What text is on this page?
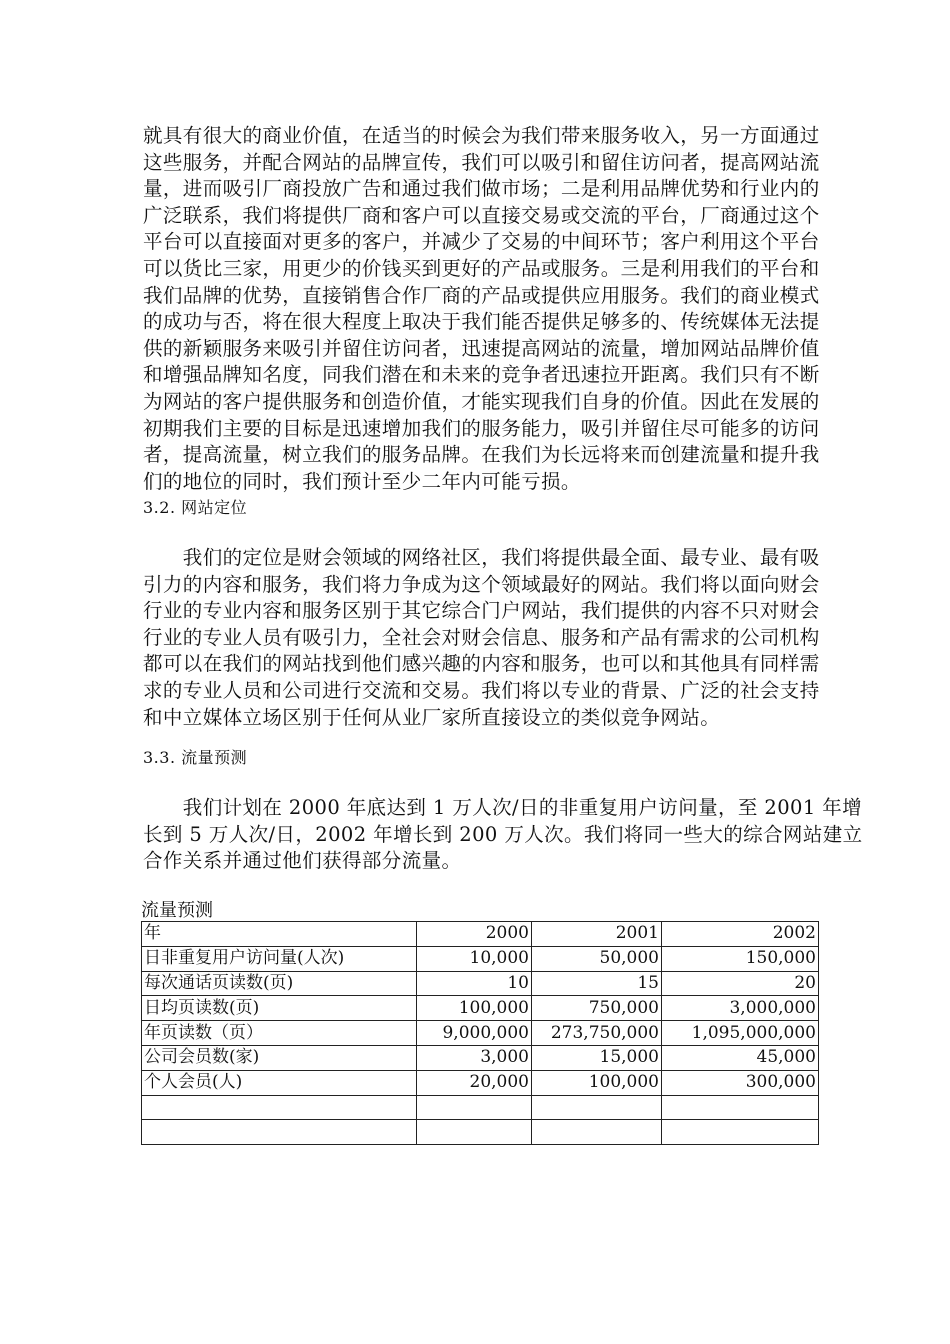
就具有很大的商业价值，在适当的时候会为我们带来服务收入，另一方面通过
这些服务，并配合网站的品牌宣传，我们可以吸引和留住访问者，提高网站流
量，进而吸引厂商投放广告和通过我们做市场；二是利用品牌优势和行业内的
广泛联系，我们将提供厂商和客户可以直接交易或交流的平台，厂商通过这个
平台可以直接面对更多的客户，并减少了交易的中间环节；客户利用这个平台
可以货比三家，用更少的价钱买到更好的产品或服务。三是利用我们的平台和
我们品牌的优势，直接销售合作厂商的产品或提供应用服务。我们的商业模式
的成功与否，将在很大程度上取决于我们能否提供足够多的、传统媒体无法提
供的新颖服务来吸引并留住访问者，迅速提高网站的流量，增加网站品牌价值
和增强品牌知名度，同我们潜在和未来的竞争者迅速拉开距离。我们只有不断
为网站的客户提供服务和创造价值，才能实现我们自身的价值。因此在发展的
初期我们主要的目标是迅速增加我们的服务能力，吸引并留住尽可能多的访问
者，提高流量，树立我们的服务品牌。在我们为长远将来而创建流量和提升我
们的地位的同时，我们预计至少二年内可能亏损。
3.2. 网站定位
　　我们的定位是财会领域的网络社区，我们将提供最全面、最专业、最有吸
引力的内容和服务，我们将力争成为这个领域最好的网站。我们将以面向财会
行业的专业内容和服务区别于其它综合门户网站，我们提供的内容不只对财会
行业的专业人员有吸引力，全社会对财会信息、服务和产品有需求的公司机构
都可以在我们的网站找到他们感兴趣的内容和服务，也可以和其他具有同样需
求的专业人员和公司进行交流和交易。我们将以专业的背景、广泛的社会支持
和中立媒体立场区别于任何从业厂家所直接设立的类似竞争网站。
3.3. 流量预测
　　我们计划在 2000 年底达到 1 万人次/日的非重复用户访问量，至 2001 年增
长到 5 万人次/日，2002 年增长到 200 万人次。我们将同一些大的综合网站建立
合作关系并通过他们获得部分流量。
流量预测
年	2000	2001	2002
日非重复用户访问量(人次)	10,000	50,000	150,000
每次通话页读数(页)	10	15	20
日均页读数(页)	100,000	750,000	3,000,000
年页读数（页）	9,000,000	273,750,000	1,095,000,000
公司会员数(家)	3,000	15,000	45,000
个人会员(人)	20,000	100,000	300,000
